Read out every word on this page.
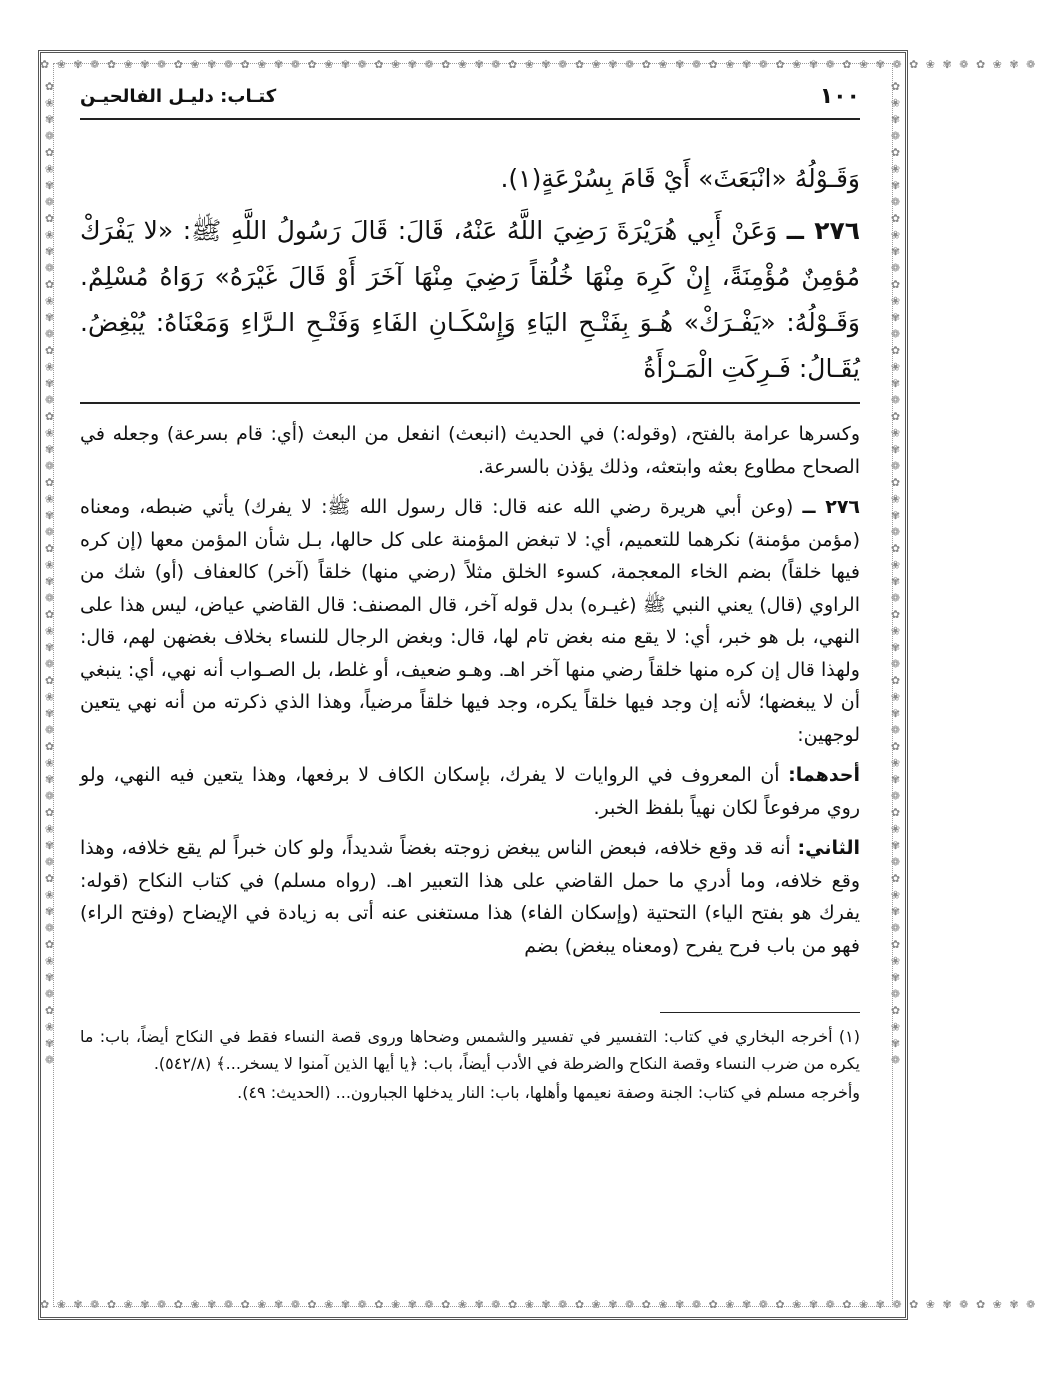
✿ ❀ ✾ ❁ ✿ ❀ ✾ ❁ ✿ ❀ ✾ ❁ ✿ ❀ ✾ ❁ ✿ ❀ ✾ ❁ ✿ ❀ ✾ ❁ ✿ ❀ ✾ ❁ ✿ ❀ ✾ ❁ ✿ ❀ ✾ ❁ ✿ ❀ ✾ ❁ ✿ ❀ ✾ ❁ ✿ ❀ ✾ ❁ ✿ ❀ ✾ ❁ ✿ ❀ ✾ ❁ ✿ ❀ ✾ ❁
✿ ❀ ✾ ❁ ✿ ❀ ✾ ❁ ✿ ❀ ✾ ❁ ✿ ❀ ✾ ❁ ✿ ❀ ✾ ❁ ✿ ❀ ✾ ❁ ✿ ❀ ✾ ❁ ✿ ❀ ✾ ❁ ✿ ❀ ✾ ❁ ✿ ❀ ✾ ❁ ✿ ❀ ✾ ❁ ✿ ❀ ✾ ❁ ✿ ❀ ✾ ❁ ✿ ❀ ✾ ❁ ✿ ❀ ✾ ❁
✿ ❀ ✾ ❁ ✿ ❀ ✾ ❁ ✿ ❀ ✾ ❁ ✿ ❀ ✾ ❁ ✿ ❀ ✾ ❁ ✿ ❀ ✾ ❁ ✿ ❀ ✾ ❁ ✿ ❀ ✾ ❁ ✿ ❀ ✾ ❁ ✿ ❀ ✾ ❁ ✿ ❀ ✾ ❁ ✿ ❀ ✾ ❁ ✿ ❀ ✾ ❁ ✿ ❀ ✾ ❁ ✿ ❀ ✾ ❁	✿ ❀ ✾ ❁ ✿ ❀ ✾ ❁ ✿ ❀ ✾ ❁ ✿ ❀ ✾ ❁ ✿ ❀ ✾ ❁ ✿ ❀ ✾ ❁ ✿ ❀ ✾ ❁ ✿ ❀ ✾ ❁ ✿ ❀ ✾ ❁ ✿ ❀ ✾ ❁ ✿ ❀ ✾ ❁ ✿ ❀ ✾ ❁ ✿ ❀ ✾ ❁ ✿ ❀ ✾ ❁ ✿ ❀ ✾ ❁
١٠٠
كتـاب: دليـل الفالحيـن

وَقَـوْلُهُ «انْبَعَثَ» أَيْ قَامَ بِسُرْعَةٍ(١).

٢٧٦ ــ وَعَنْ أَبِي هُرَيْرَةَ رَضِيَ اللَّهُ عَنْهُ، قَالَ: قَالَ رَسُولُ اللَّهِ ﷺ: «لا يَفْرَكْ مُؤمِنٌ مُؤْمِنَةً، إِنْ كَرِهَ مِنْهَا خُلُقاً رَضِيَ مِنْهَا آخَرَ أَوْ قَالَ غَيْرَهُ» رَوَاهُ مُسْلِمٌ. وَقَـوْلُهُ: «يَفْـرَكْ» هُـوَ بِفَتْـحِ اليَاءِ وَإِسْكَـانِ الفَاءِ وَفَتْـحِ الـرَّاءِ وَمَعْنَاهُ: يُبْغِضُ. يُقَـالُ: فَـرِكَتِ الْمَـرْأَةُ

وكسرها عرامة بالفتح، (وقوله:) في الحديث (انبعث) انفعل من البعث (أي: قام بسرعة) وجعله في الصحاح مطاوع بعثه وابتعثه، وذلك يؤذن بالسرعة.

٢٧٦ ــ (وعن أبي هريرة رضي الله عنه قال: قال رسول الله ﷺ: لا يفرك) يأتي ضبطه، ومعناه (مؤمن مؤمنة) نكرهما للتعميم، أي: لا تبغض المؤمنة على كل حالها، بـل شأن المؤمن معها (إن كره فيها خلقاً) بضم الخاء المعجمة، كسوء الخلق مثلاً (رضي منها) خلقاً (آخر) كالعفاف (أو) شك من الراوي (قال) يعني النبي ﷺ (غيـره) بدل قوله آخر، قال المصنف: قال القاضي عياض، ليس هذا على النهي، بل هو خبر، أي: لا يقع منه بغض تام لها، قال: وبغض الرجال للنساء بخلاف بغضهن لهم، قال: ولهذا قال إن كره منها خلقاً رضي منها آخر اهـ. وهـو ضعيف، أو غلط، بل الصـواب أنه نهي، أي: ينبغي أن لا يبغضها؛ لأنه إن وجد فيها خلقاً يكره، وجد فيها خلقاً مرضياً، وهذا الذي ذكرته من أنه نهي يتعين لوجهين:

أحدهما: أن المعروف في الروايات لا يفرك، بإسكان الكاف لا برفعها، وهذا يتعين فيه النهي، ولو روي مرفوعاً لكان نهياً بلفظ الخبر.

الثاني: أنه قد وقع خلافه، فبعض الناس يبغض زوجته بغضاً شديداً، ولو كان خبراً لم يقع خلافه، وهذا وقع خلافه، وما أدري ما حمل القاضي على هذا التعبير اهـ. (رواه مسلم) في كتاب النكاح (قوله: يفرك هو بفتح الياء) التحتية (وإسكان الفاء) هذا مستغنى عنه أتى به زيادة في الإيضاح (وفتح الراء) فهو من باب فرح يفرح (ومعناه يبغض) بضم

(١) أخرجه البخاري في كتاب: التفسير في تفسير والشمس وضحاها وروى قصة النساء فقط في النكاح أيضاً، باب: ما يكره من ضرب النساء وقصة النكاح والضرطة في الأدب أيضاً، باب: ﴿يا أيها الذين آمنوا لا يسخر...﴾ (٥٤٢/٨).

وأخرجه مسلم في كتاب: الجنة وصفة نعيمها وأهلها، باب: النار يدخلها الجبارون... (الحديث: ٤٩).
